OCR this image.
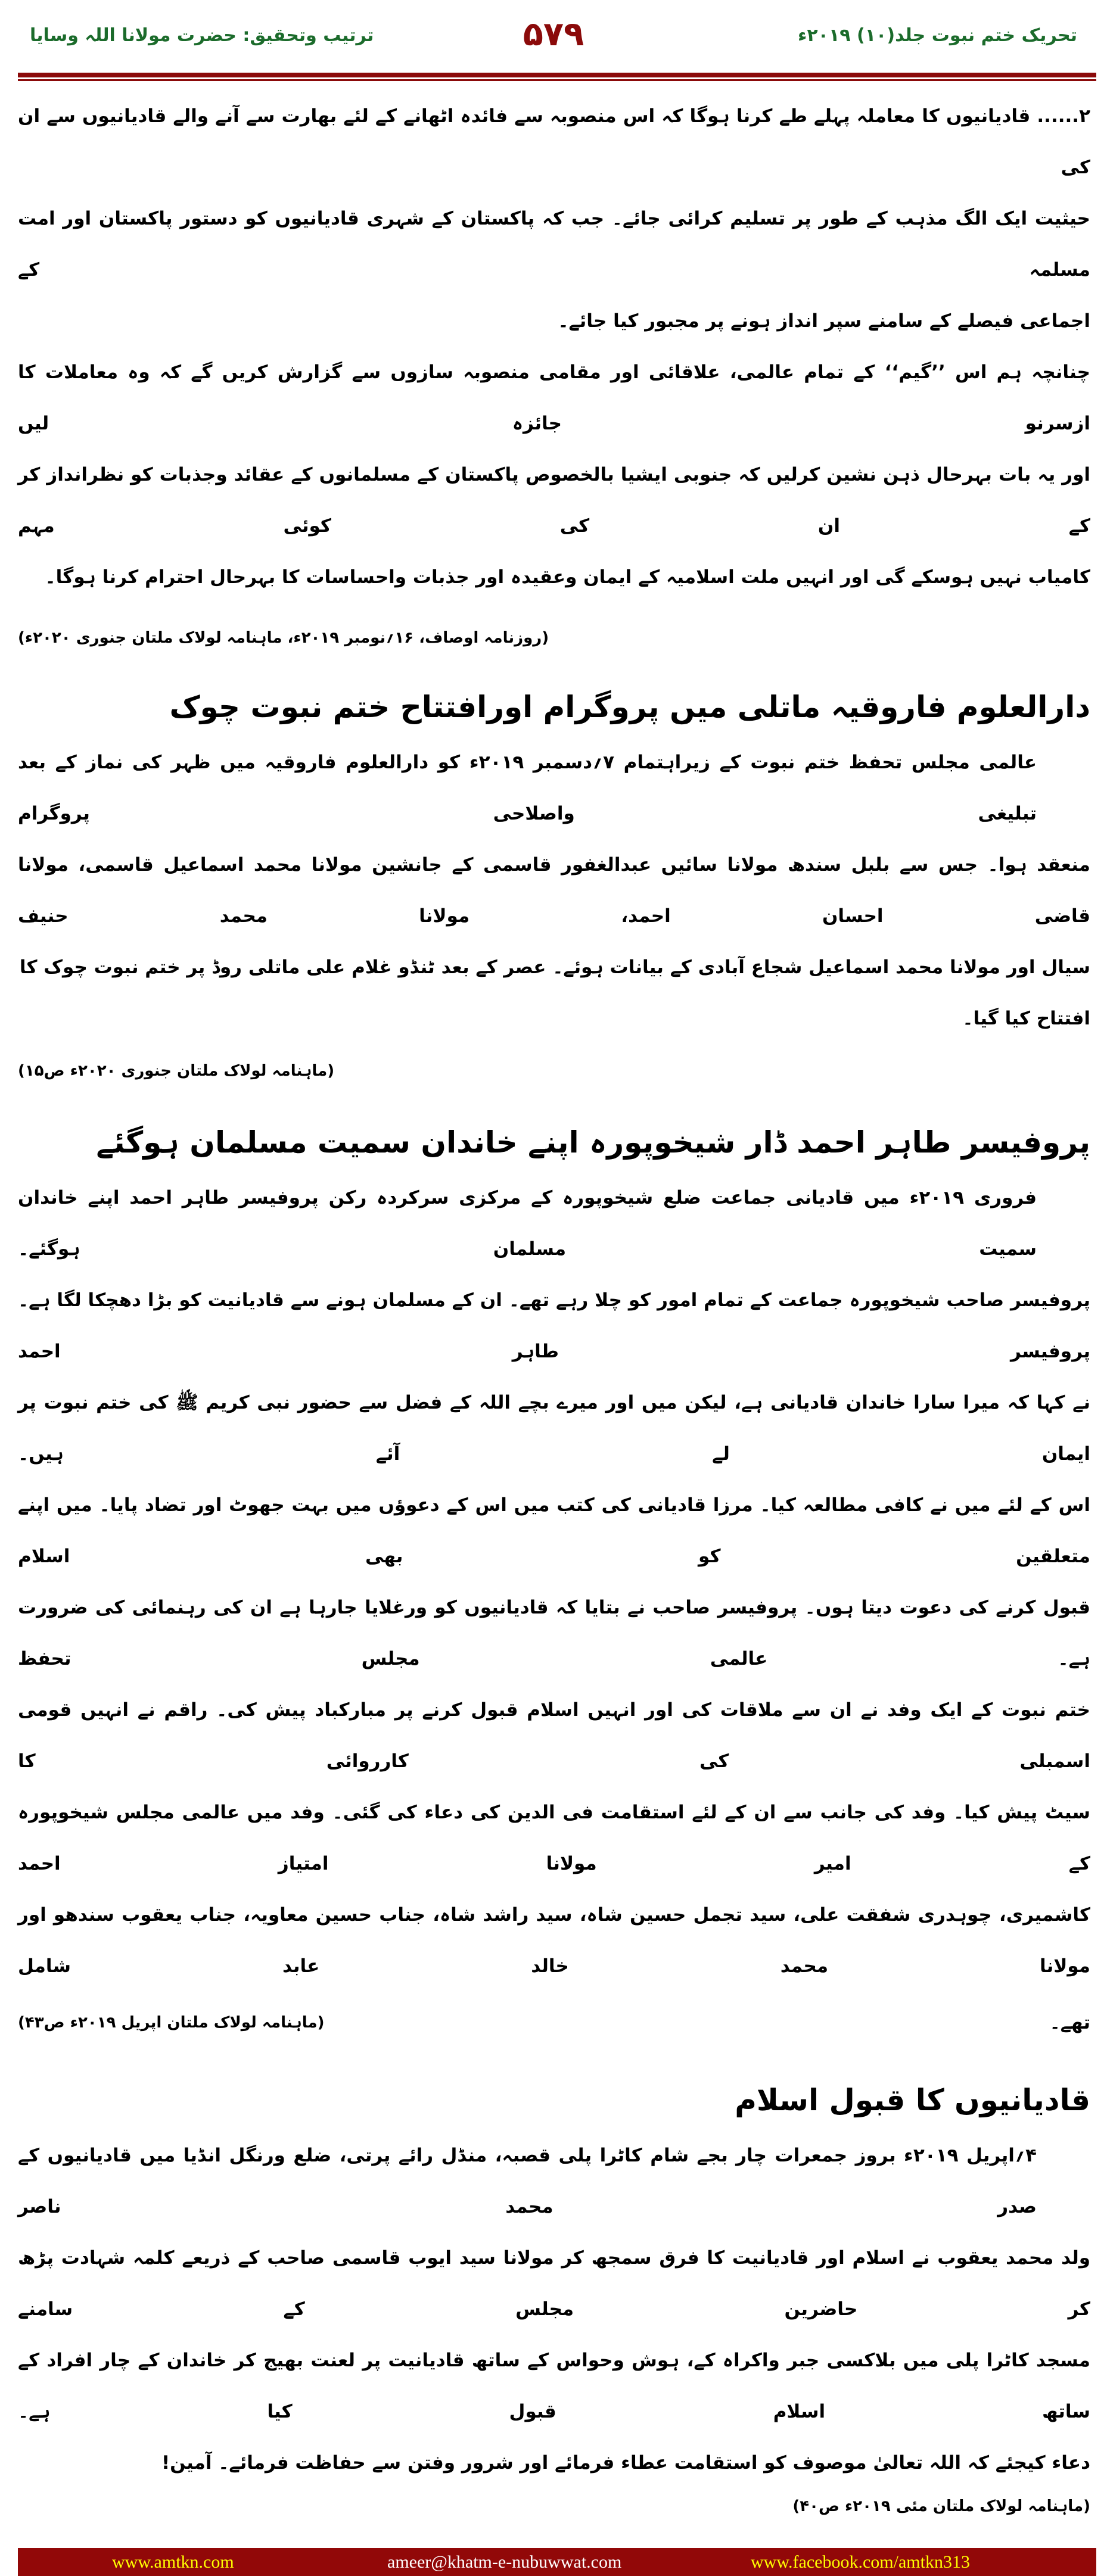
تحریک ختم نبوت جلد(۱۰) ۲۰۱۹ء
۵۷۹
ترتیب وتحقیق: حضرت مولانا اللہ وسایا
۲...... قادیانیوں کا معاملہ پہلے طے کرنا ہوگا کہ اس منصوبہ سے فائدہ اٹھانے کے لئے بھارت سے آنے والے قادیانیوں سے ان کی
حیثیت ایک الگ مذہب کے طور پر تسلیم کرائی جائے۔ جب کہ پاکستان کے شہری قادیانیوں کو دستور پاکستان اور امت مسلمہ کے
اجماعی فیصلے کے سامنے سپر انداز ہونے پر مجبور کیا جائے۔
چنانچہ ہم اس ’’گیم‘‘ کے تمام عالمی، علاقائی اور مقامی منصوبہ سازوں سے گزارش کریں گے کہ وہ معاملات کا ازسرنو جائزہ لیں
اور یہ بات بہرحال ذہن نشین کرلیں کہ جنوبی ایشیا بالخصوص پاکستان کے مسلمانوں کے عقائد وجذبات کو نظرانداز کر کے ان کی کوئی مہم
کامیاب نہیں ہوسکے گی اور انہیں ملت اسلامیہ کے ایمان وعقیدہ اور جذبات واحساسات کا بہرحال احترام کرنا ہوگا۔
(روزنامہ اوصاف، ۱۶؍نومبر ۲۰۱۹ء، ماہنامہ لولاک ملتان جنوری ۲۰۲۰ء)
دارالعلوم فاروقیہ ماتلی میں پروگرام اورافتتاح ختم نبوت چوک
عالمی مجلس تحفظ ختم نبوت کے زیراہتمام ۷؍دسمبر ۲۰۱۹ء کو دارالعلوم فاروقیہ میں ظہر کی نماز کے بعد تبلیغی واصلاحی پروگرام
منعقد ہوا۔ جس سے بلبل سندھ مولانا سائیں عبدالغفور قاسمی کے جانشین مولانا محمد اسماعیل قاسمی، مولانا قاضی احسان احمد، مولانا محمد حنیف
سیال اور مولانا محمد اسماعیل شجاع آبادی کے بیانات ہوئے۔ عصر کے بعد ٹنڈو غلام علی ماتلی روڈ پر ختم نبوت چوک کا افتتاح کیا گیا۔
(ماہنامہ لولاک ملتان جنوری ۲۰۲۰ء ص۱۵)
پروفیسر طاہر احمد ڈار شیخوپورہ اپنے خاندان سمیت مسلمان ہوگئے
فروری ۲۰۱۹ء میں قادیانی جماعت ضلع شیخوپورہ کے مرکزی سرکردہ رکن پروفیسر طاہر احمد اپنے خاندان سمیت مسلمان ہوگئے۔
پروفیسر صاحب شیخوپورہ جماعت کے تمام امور کو چلا رہے تھے۔ ان کے مسلمان ہونے سے قادیانیت کو بڑا دھچکا لگا ہے۔ پروفیسر طاہر احمد
نے کہا کہ میرا سارا خاندان قادیانی ہے، لیکن میں اور میرے بچے اللہ کے فضل سے حضور نبی کریم ﷺ کی ختم نبوت پر ایمان لے آئے ہیں۔
اس کے لئے میں نے کافی مطالعہ کیا۔ مرزا قادیانی کی کتب میں اس کے دعوؤں میں بہت جھوٹ اور تضاد پایا۔ میں اپنے متعلقین کو بھی اسلام
قبول کرنے کی دعوت دیتا ہوں۔ پروفیسر صاحب نے بتایا کہ قادیانیوں کو ورغلایا جارہا ہے ان کی رہنمائی کی ضرورت ہے۔ عالمی مجلس تحفظ
ختم نبوت کے ایک وفد نے ان سے ملاقات کی اور انہیں اسلام قبول کرنے پر مبارکباد پیش کی۔ راقم نے انہیں قومی اسمبلی کی کارروائی کا
سیٹ پیش کیا۔ وفد کی جانب سے ان کے لئے استقامت فی الدین کی دعاء کی گئی۔ وفد میں عالمی مجلس شیخوپورہ کے امیر مولانا امتیاز احمد
کاشمیری، چوہدری شفقت علی، سید تجمل حسین شاہ، سید راشد شاہ، جناب حسین معاویہ، جناب یعقوب سندھو اور مولانا محمد خالد عابد شامل
تھے۔
(ماہنامہ لولاک ملتان اپریل ۲۰۱۹ء ص۴۳)
قادیانیوں کا قبول اسلام
۴؍اپریل ۲۰۱۹ء بروز جمعرات چار بجے شام کاٹرا پلی قصبہ، منڈل رائے پرتی، ضلع ورنگل انڈیا میں قادیانیوں کے صدر محمد ناصر
ولد محمد یعقوب نے اسلام اور قادیانیت کا فرق سمجھ کر مولانا سید ایوب قاسمی صاحب کے ذریعے کلمہ شہادت پڑھ کر حاضرین مجلس کے سامنے
مسجد کاٹرا پلی میں بلاکسی جبر واکراہ کے، ہوش وحواس کے ساتھ قادیانیت پر لعنت بھیج کر خاندان کے چار افراد کے ساتھ اسلام قبول کیا ہے۔
دعاء کیجئے کہ اللہ تعالیٰ موصوف کو استقامت عطاء فرمائے اور شرور وفتن سے حفاظت فرمائے۔ آمین!
(ماہنامہ لولاک ملتان مئی ۲۰۱۹ء ص۴۰)
www.amtkn.com	ameer@khatm-e-nubuwwat.com	www.facebook.com/amtkn313
